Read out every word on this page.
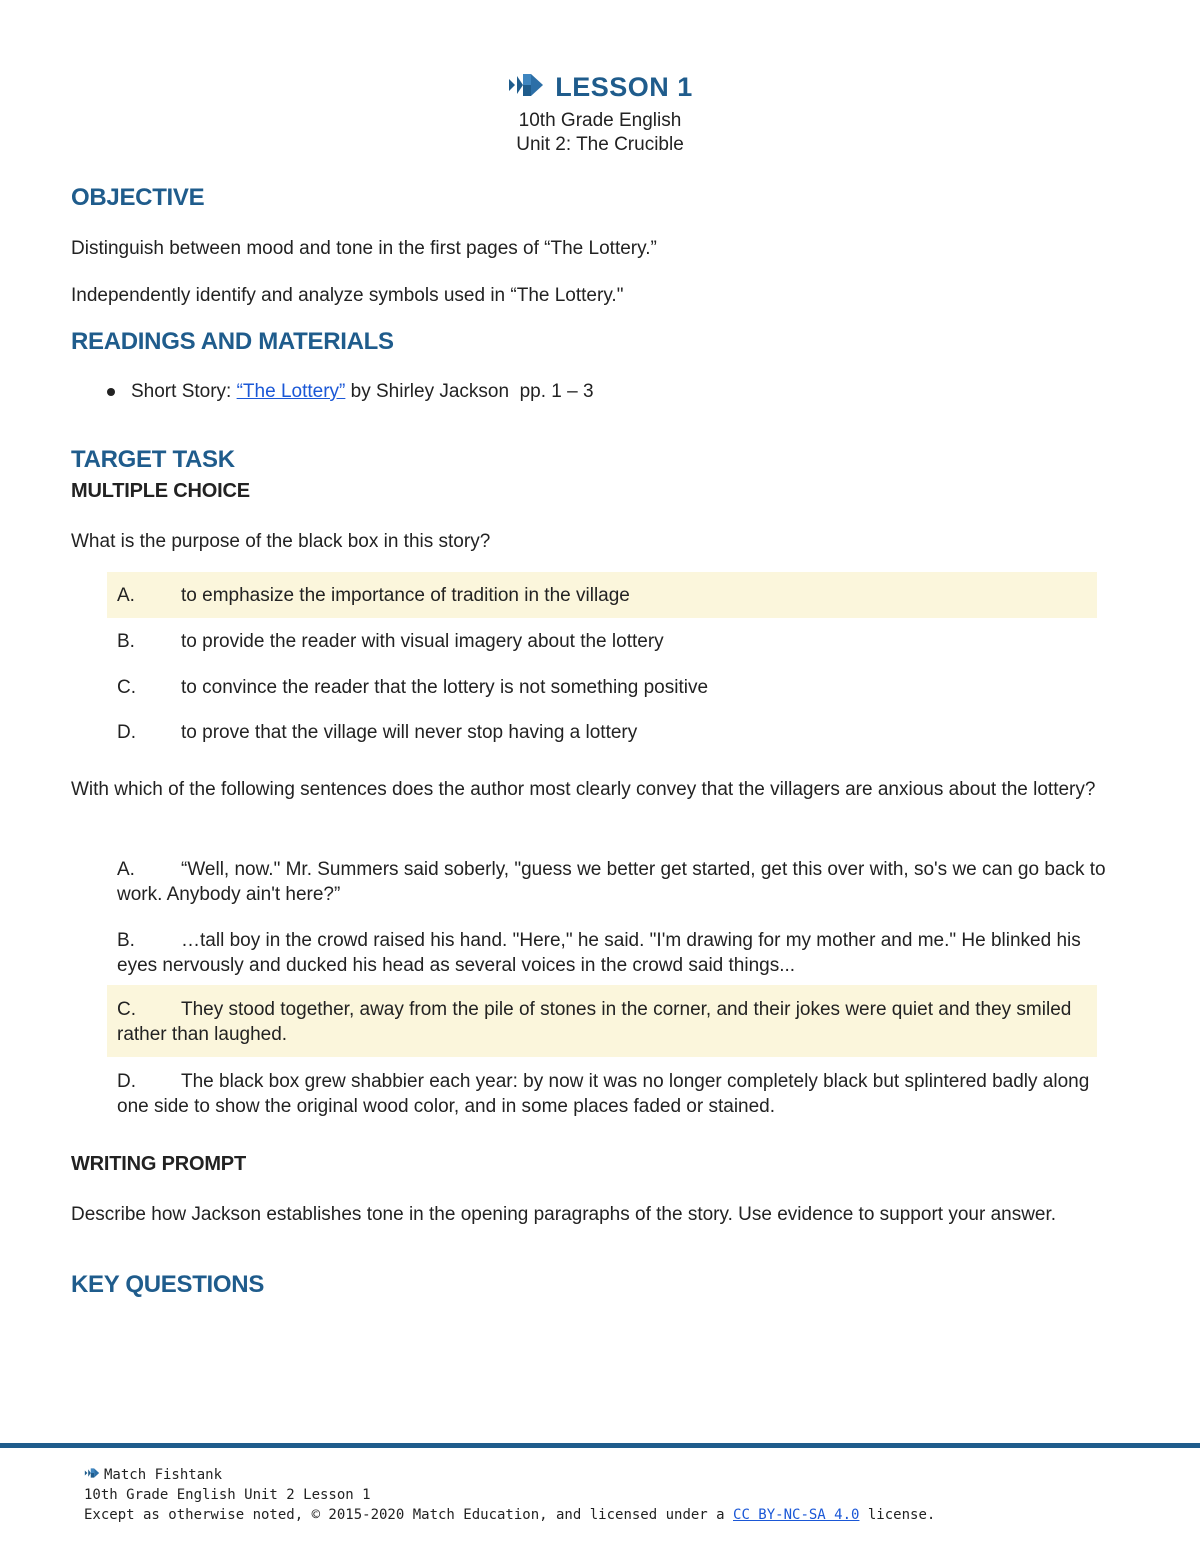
LESSON 1
10th Grade English
Unit 2: The Crucible
OBJECTIVE
Distinguish between mood and tone in the first pages of “The Lottery.”
Independently identify and analyze symbols used in “The Lottery."
READINGS AND MATERIALS
Short Story: “The Lottery” by Shirley Jackson  pp. 1 – 3
TARGET TASK
MULTIPLE CHOICE
What is the purpose of the black box in this story?
A. to emphasize the importance of tradition in the village
B. to provide the reader with visual imagery about the lottery
C. to convince the reader that the lottery is not something positive
D. to prove that the village will never stop having a lottery
With which of the following sentences does the author most clearly convey that the villagers are anxious about the lottery?
A. “Well, now." Mr. Summers said soberly, "guess we better get started, get this over with, so's we can go back to work. Anybody ain't here?”
B. …tall boy in the crowd raised his hand. "Here," he said. "I'm drawing for my mother and me." He blinked his eyes nervously and ducked his head as several voices in the crowd said things...
C. They stood together, away from the pile of stones in the corner, and their jokes were quiet and they smiled rather than laughed.
D. The black box grew shabbier each year: by now it was no longer completely black but splintered badly along one side to show the original wood color, and in some places faded or stained.
WRITING PROMPT
Describe how Jackson establishes tone in the opening paragraphs of the story. Use evidence to support your answer.
KEY QUESTIONS
Match Fishtank
10th Grade English Unit 2 Lesson 1
Except as otherwise noted, © 2015-2020 Match Education, and licensed under a CC BY-NC-SA 4.0 license.
